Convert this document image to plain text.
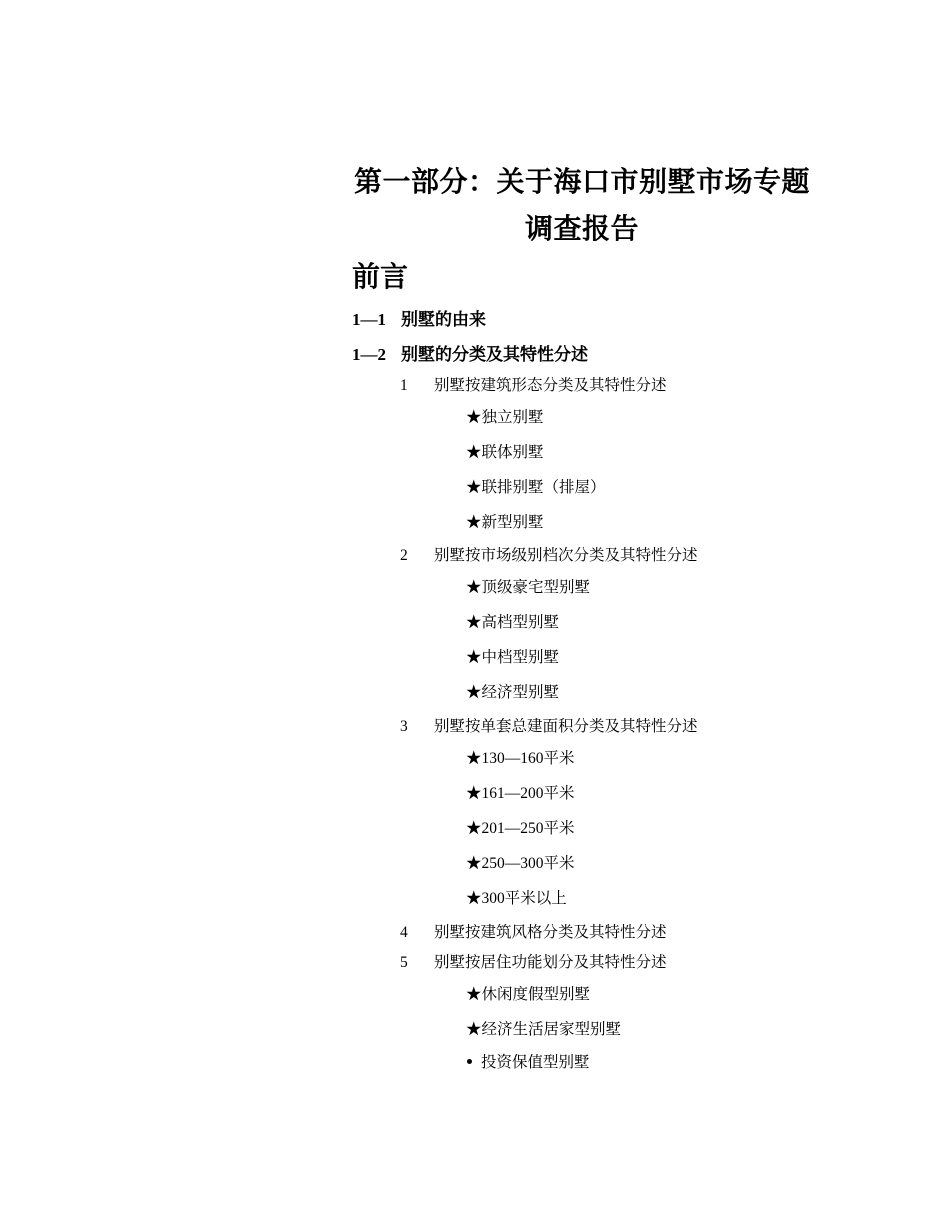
第一部分：关于海口市别墅市场专题
调查报告
前言
1—1 别墅的由来
1—2 别墅的分类及其特性分述
1 别墅按建筑形态分类及其特性分述
★独立别墅
★联体别墅
★联排别墅（排屋）
★新型别墅
2 别墅按市场级别档次分类及其特性分述
★顶级豪宅型别墅
★高档型别墅
★中档型别墅
★经济型别墅
3 别墅按单套总建面积分类及其特性分述
★130—160平米
★161—200平米
★201—250平米
★250—300平米
★300平米以上
4 别墅按建筑风格分类及其特性分述
5 别墅按居住功能划分及其特性分述
★休闲度假型别墅
★经济生活居家型别墅
投资保值型别墅
